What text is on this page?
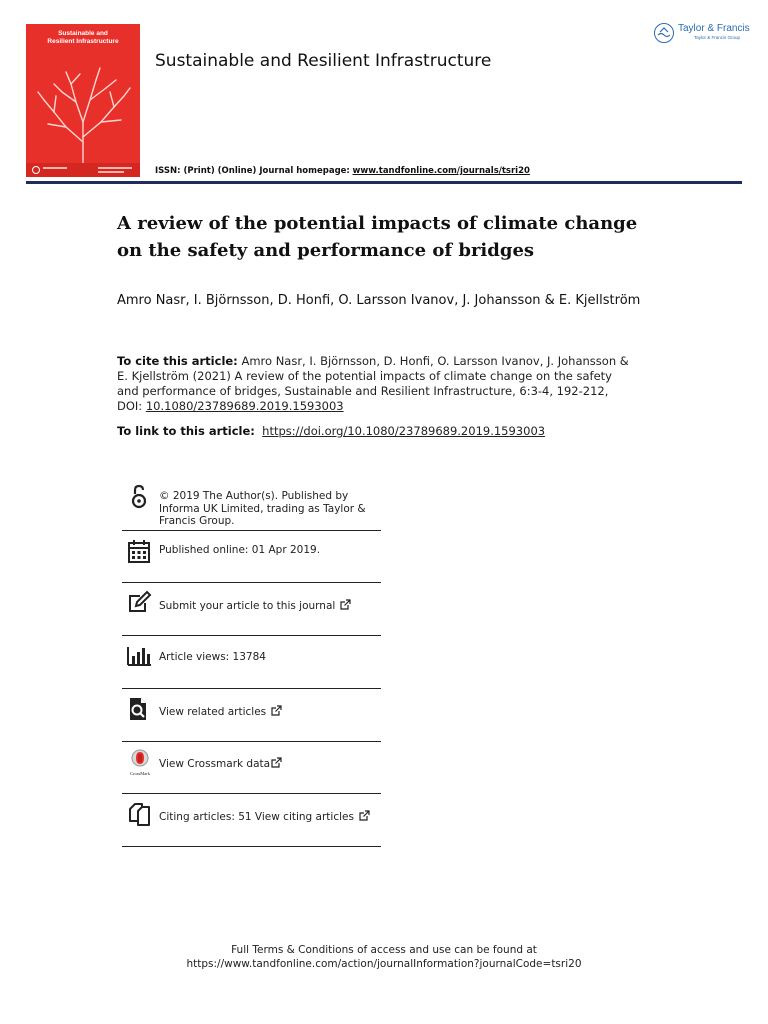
Sustainable and
Resilient Infrastructure
Sustainable and Resilient Infrastructure
ISSN: (Print) (Online) Journal homepage: www.tandfonline.com/journals/tsri20
Taylor & Francis
Taylor & Francis Group
A review of the potential impacts of climate change on the safety and performance of bridges
Amro Nasr, I. Björnsson, D. Honfi, O. Larsson Ivanov, J. Johansson & E. Kjellström
To cite this article: Amro Nasr, I. Björnsson, D. Honfi, O. Larsson Ivanov, J. Johansson & E. Kjellström (2021) A review of the potential impacts of climate change on the safety and performance of bridges, Sustainable and Resilient Infrastructure, 6:3-4, 192-212, DOI: 10.1080/23789689.2019.1593003
To link to this article: https://doi.org/10.1080/23789689.2019.1593003
© 2019 The Author(s). Published by Informa UK Limited, trading as Taylor & Francis Group.
Published online: 01 Apr 2019.
Submit your article to this journal
Article views: 13784
View related articles
CrossMark
View Crossmark data
Citing articles: 51 View citing articles
Full Terms & Conditions of access and use can be found at
https://www.tandfonline.com/action/journalInformation?journalCode=tsri20
